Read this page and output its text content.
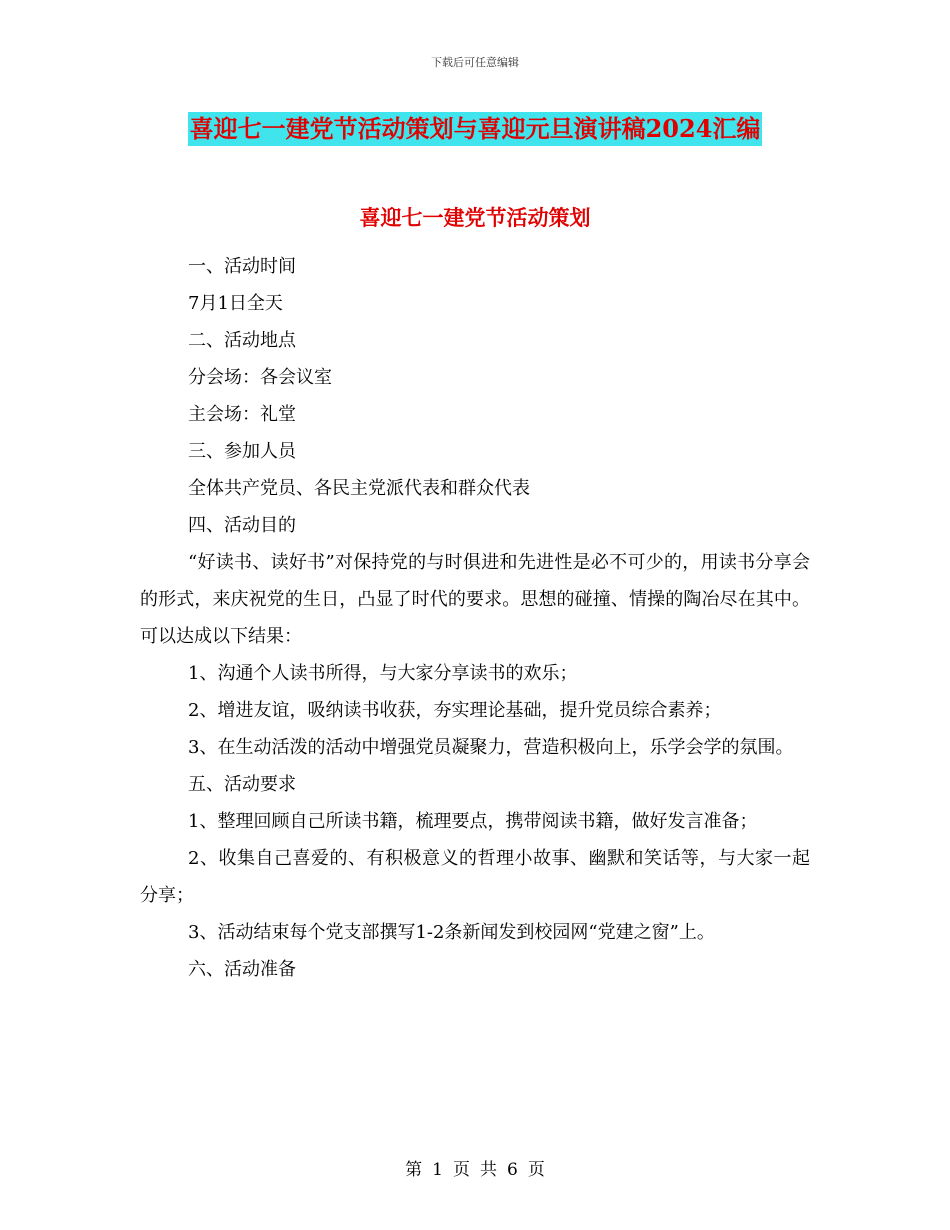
下载后可任意编辑
喜迎七一建党节活动策划与喜迎元旦演讲稿2024汇编
喜迎七一建党节活动策划

一、活动时间

7月1日全天

二、活动地点

分会场：各会议室

主会场：礼堂

三、参加人员

全体共产党员、各民主党派代表和群众代表

四、活动目的

“好读书、读好书”对保持党的与时俱进和先进性是必不可少的，用读书分享会的形式，来庆祝党的生日，凸显了时代的要求。思想的碰撞、情操的陶冶尽在其中。可以达成以下结果：

1、沟通个人读书所得，与大家分享读书的欢乐；

2、增进友谊，吸纳读书收获，夯实理论基础，提升党员综合素养；

3、在生动活泼的活动中增强党员凝聚力，营造积极向上，乐学会学的氛围。

五、活动要求

1、整理回顾自己所读书籍，梳理要点，携带阅读书籍，做好发言准备；

2、收集自己喜爱的、有积极意义的哲理小故事、幽默和笑话等，与大家一起分享；

3、活动结束每个党支部撰写1-2条新闻发到校园网“党建之窗”上。

六、活动准备

第 1 页 共 6 页
